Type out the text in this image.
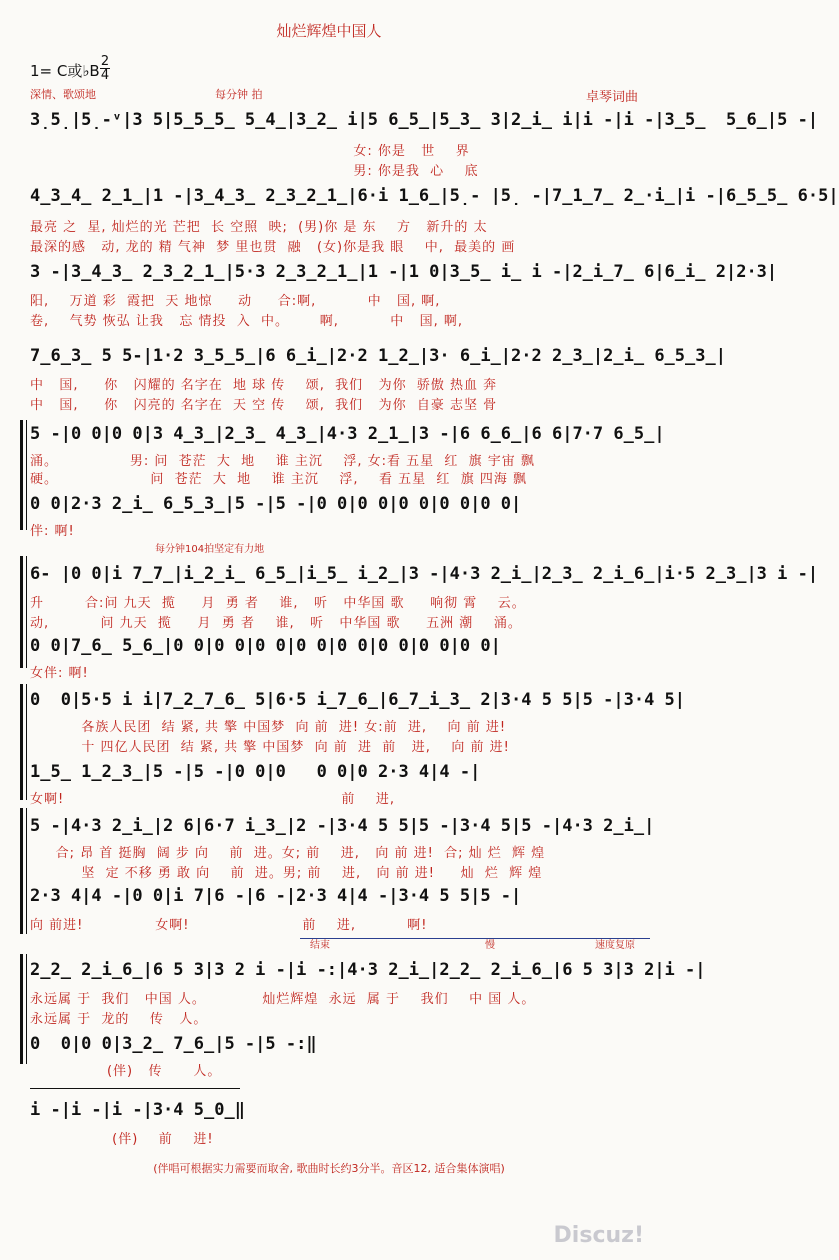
灿烂辉煌中国人
1= C或♭B
2
4
深情、歌颂地	每分钟 拍	卓琴词曲
3̣5̣|5̣-ᵛ|3 5|5̲5̲5̲ 5̲4̲|3̲2̲ i|5 6̲5̲|5̲3̲ 3|2̲i̲ i|i -|i -|3̲5̲  5̲6̲|5 -|
女: 你是   世    界
男: 你是我  心    底
4̲3̲4̲ 2̲1̲|1 -|3̲4̲3̲ 2̲3̲2̲1̲|6·i 1̲6̲|5̣- |5̣ -|7̲1̲7̲ 2̲·i̲|i -|6̲5̲5̲ 6·5|
最亮 之  星, 灿烂的光 芒把  长 空照  映;  (男)你 是 东    方   新升的 太
最深的感   动, 龙的 精 气神  梦 里也贯  融   (女)你是我 眼    中,  最美的 画
3 -|3̲4̲3̲ 2̲3̲2̲1̲|5·3 2̲3̲2̲1̲|1 -|1 0|3̲5̲ i̲ i -|2̲i̲7̲ 6|6̲i̲ 2|2·3|
阳,    万道 彩  霞把  天 地惊     动     合:啊,          中   国, 啊,
卷,    气势 恢弘 让我   忘 情投  入  中。      啊,          中   国, 啊,
7̲6̲3̲ 5 5-|1·2 3̲5̲5̲|6 6̲i̲|2·2 1̲2̲|3· 6̲i̲|2·2 2̲3̲|2̲i̲ 6̲5̲3̲|
中   国,     你   闪耀的 名字在  地 球 传    颂,  我们   为你  骄傲 热血 奔
中   国,     你   闪亮的 名字在  天 空 传    颂,  我们   为你  自豪 志坚 骨
5 -|0 0|0 0|3 4̲3̲|2̲3̲ 4̲3̲|4·3 2̲1̲|3 -|6 6̲6̲|6 6|7·7 6̲5̲|
涌。              男: 问  苍茫  大  地    谁 主沉    浮, 女:看 五星  红  旗 宇宙 飘
硬。                  问  苍茫  大  地    谁 主沉    浮,    看 五星  红  旗 四海 飘
0 0|2·3 2̲i̲ 6̲5̲3̲|5 -|5 -|0 0|0 0|0 0|0 0|0 0|
伴: 啊!
每分钟104拍坚定有力地
6- |0 0|i 7̲7̲|i̲2̲i̲ 6̲5̲|i̲5̲ i̲2̲|3 -|4·3 2̲i̲|2̲3̲ 2̲i̲6̲|i·5 2̲3̲|3 i -|
升        合:问 九天  揽     月  勇 者    谁,   听   中华国 歌     响彻 霄    云。
动,          问 九天  揽     月  勇 者    谁,   听   中华国 歌     五洲 潮    涌。
0 0|7̲6̲ 5̲6̲|0 0|0 0|0 0|0 0|0 0|0 0|0 0|0 0|
女伴: 啊!
0  0|5·5 i i|7̲2̲7̲6̲ 5|6·5 i̲7̲6̲|6̲7̲i̲3̲ 2|3·4 5 5|5 -|3·4 5|
各族人民团  结 紧, 共 擎 中国梦  向 前  进! 女:前  进,    向 前 进!
十 四亿人民团  结 紧, 共 擎 中国梦  向 前  进  前   进,    向 前 进!
1̲5̲ 1̲2̲3̲|5 -|5 -|0 0|0   0 0|0 2·3 4|4 -|
女啊!                                                      前    进,
5 -|4·3 2̲i̲|2 6|6·7 i̲3̲|2 -|3·4 5 5|5 -|3·4 5|5 -|4·3 2̲i̲|
合; 昂 首 挺胸  阔 步 向    前  进。女; 前    进,   向 前 进!  合; 灿 烂  辉 煌
坚  定 不移 勇 敢 向    前  进。男; 前    进,   向 前 进!     灿  烂  辉 煌
2·3 4|4 -|0 0|i 7|6 -|6 -|2·3 4|4 -|3·4 5 5|5 -|
向 前进!              女啊!                      前    进,          啊!
结束	慢	速度复原
2̲2̲ 2̲i̲6̲|6 5 3|3 2 i -|i -:|4·3 2̲i̲|2̲2̲ 2̲i̲6̲|6 5 3|3 2|i -|
永远属 于  我们   中国 人。           灿烂辉煌  永远  属 于    我们    中 国 人。
永远属 于  龙的    传   人。
0  0|0 0|3̲2̲ 7̲6̲|5 -|5 -:‖
(伴)   传      人。
i -|i -|i -|3·4 5̲0̲‖
(伴)    前    进!
(伴唱可根据实力需要而取舍, 歌曲时长约3分半。音区12, 适合集体演唱)
Discuz!
